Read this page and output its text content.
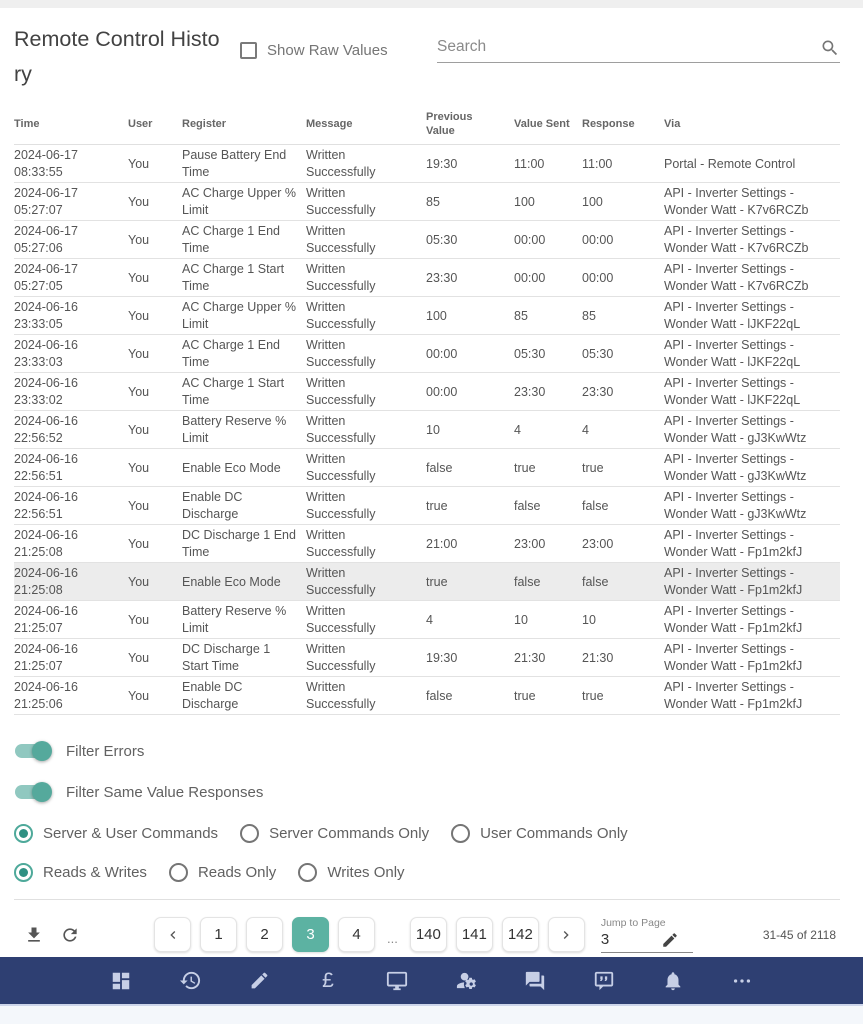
Remote Control History
Show Raw Values
Search
Time	User	Register	Message	Previous Value	Value Sent	Response	Via
2024-06-17 08:33:55	You	Pause Battery End Time	Written Successfully	19:30	11:00	11:00	Portal - Remote Control
2024-06-17 05:27:07	You	AC Charge Upper % Limit	Written Successfully	85	100	100	API - Inverter Settings - Wonder Watt - K7v6RCZb
2024-06-17 05:27:06	You	AC Charge 1 End Time	Written Successfully	05:30	00:00	00:00	API - Inverter Settings - Wonder Watt - K7v6RCZb
2024-06-17 05:27:05	You	AC Charge 1 Start Time	Written Successfully	23:30	00:00	00:00	API - Inverter Settings - Wonder Watt - K7v6RCZb
2024-06-16 23:33:05	You	AC Charge Upper % Limit	Written Successfully	100	85	85	API - Inverter Settings - Wonder Watt - lJKF22qL
2024-06-16 23:33:03	You	AC Charge 1 End Time	Written Successfully	00:00	05:30	05:30	API - Inverter Settings - Wonder Watt - lJKF22qL
2024-06-16 23:33:02	You	AC Charge 1 Start Time	Written Successfully	00:00	23:30	23:30	API - Inverter Settings - Wonder Watt - lJKF22qL
2024-06-16 22:56:52	You	Battery Reserve % Limit	Written Successfully	10	4	4	API - Inverter Settings - Wonder Watt - gJ3KwWtz
2024-06-16 22:56:51	You	Enable Eco Mode	Written Successfully	false	true	true	API - Inverter Settings - Wonder Watt - gJ3KwWtz
2024-06-16 22:56:51	You	Enable DC Discharge	Written Successfully	true	false	false	API - Inverter Settings - Wonder Watt - gJ3KwWtz
2024-06-16 21:25:08	You	DC Discharge 1 End Time	Written Successfully	21:00	23:00	23:00	API - Inverter Settings - Wonder Watt - Fp1m2kfJ
2024-06-16 21:25:08	You	Enable Eco Mode	Written Successfully	true	false	false	API - Inverter Settings - Wonder Watt - Fp1m2kfJ
2024-06-16 21:25:07	You	Battery Reserve % Limit	Written Successfully	4	10	10	API - Inverter Settings - Wonder Watt - Fp1m2kfJ
2024-06-16 21:25:07	You	DC Discharge 1 Start Time	Written Successfully	19:30	21:30	21:30	API - Inverter Settings - Wonder Watt - Fp1m2kfJ
2024-06-16 21:25:06	You	Enable DC Discharge	Written Successfully	false	true	true	API - Inverter Settings - Wonder Watt - Fp1m2kfJ
Filter Errors
Filter Same Value Responses
Server & User Commands	Server Commands Only	User Commands Only
Reads & Writes	Reads Only	Writes Only
1	2	3	4	...	140	141	142
Jump to Page
3
31-45 of 2118
£
